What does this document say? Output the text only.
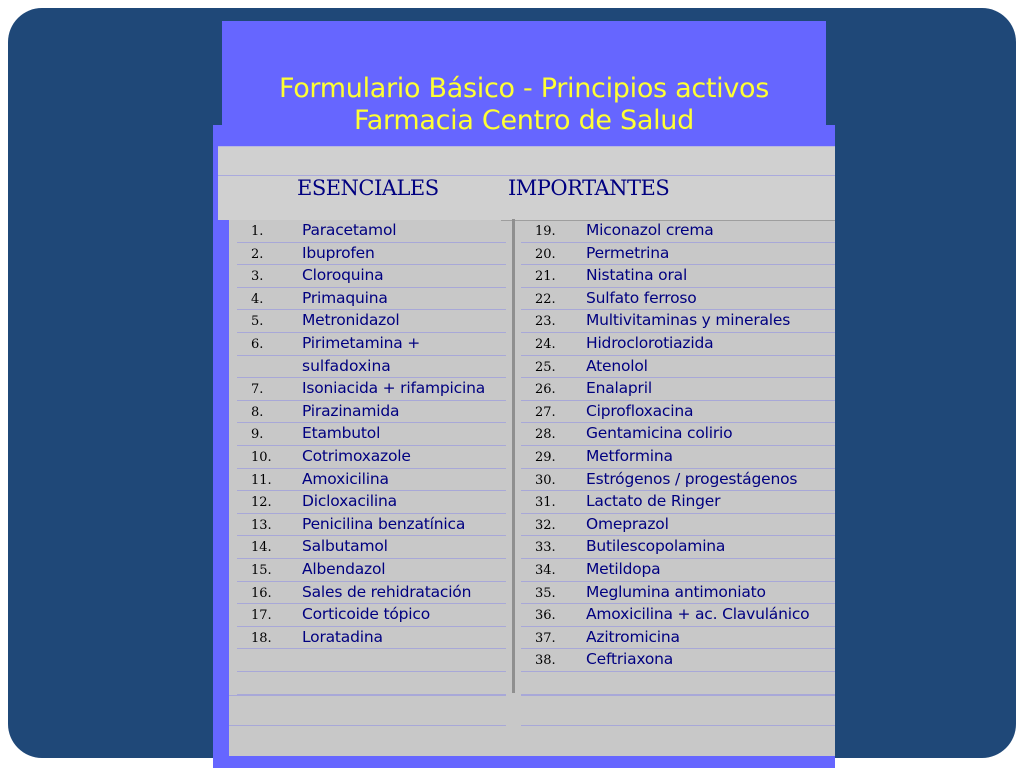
Formulario Básico - Principios activos
Farmacia Centro de Salud
ESENCIALES	IMPORTANTES
1. Paracetamol
2. Ibuprofen
3. Cloroquina
4. Primaquina
5. Metronidazol
6. Pirimetamina +
7. Isoniacida + rifampicina
8. Pirazinamida
9. Etambutol
10. Cotrimoxazole
11. Amoxicilina
12. Dicloxacilina
13. Penicilina benzatínica
14. Salbutamol
15. Albendazol
16. Sales de rehidratación
17. Corticoide tópico
18. Loratadina
sulfadoxina
19. Miconazol crema
20. Permetrina
21. Nistatina oral
22. Sulfato ferroso
23. Multivitaminas y minerales
24. Hidroclorotiazida
25. Atenolol
26. Enalapril
27. Ciprofloxacina
28. Gentamicina colirio
29. Metformina
30. Estrógenos / progestágenos
31. Lactato de Ringer
32. Omeprazol
33. Butilescopolamina
34. Metildopa
35. Meglumina antimoniato
36. Amoxicilina + ac. Clavulánico
37. Azitromicina
38. Ceftriaxona
